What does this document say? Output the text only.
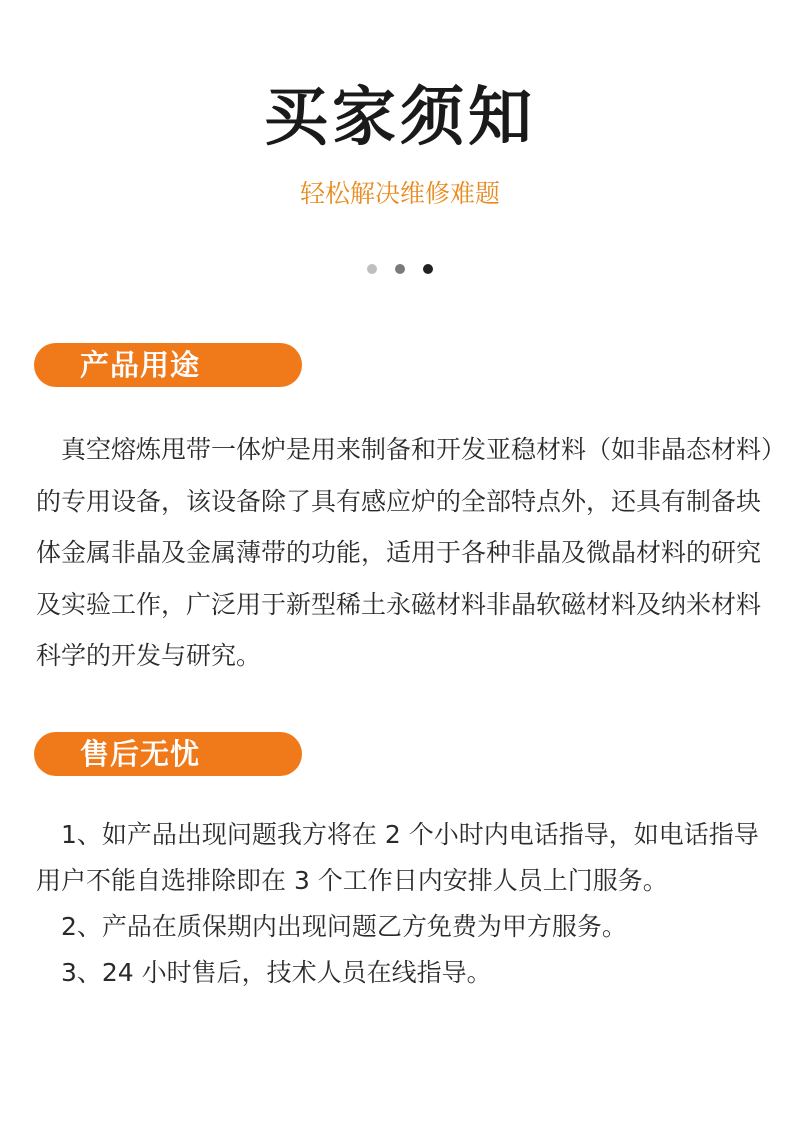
买家须知
轻松解决维修难题
产品用途

　真空熔炼甩带一体炉是用来制备和开发亚稳材料（如非晶态材料）的专用设备，该设备除了具有感应炉的全部特点外，还具有制备块体金属非晶及金属薄带的功能，适用于各种非晶及微晶材料的研究及实验工作，广泛用于新型稀土永磁材料非晶软磁材料及纳米材料科学的开发与研究。

售后无忧
　1、如产品出现问题我方将在 2 个小时内电话指导，如电话指导用户不能自选排除即在 3 个工作日内安排人员上门服务。
　2、产品在质保期内出现问题乙方免费为甲方服务。
　3、24 小时售后，技术人员在线指导。
